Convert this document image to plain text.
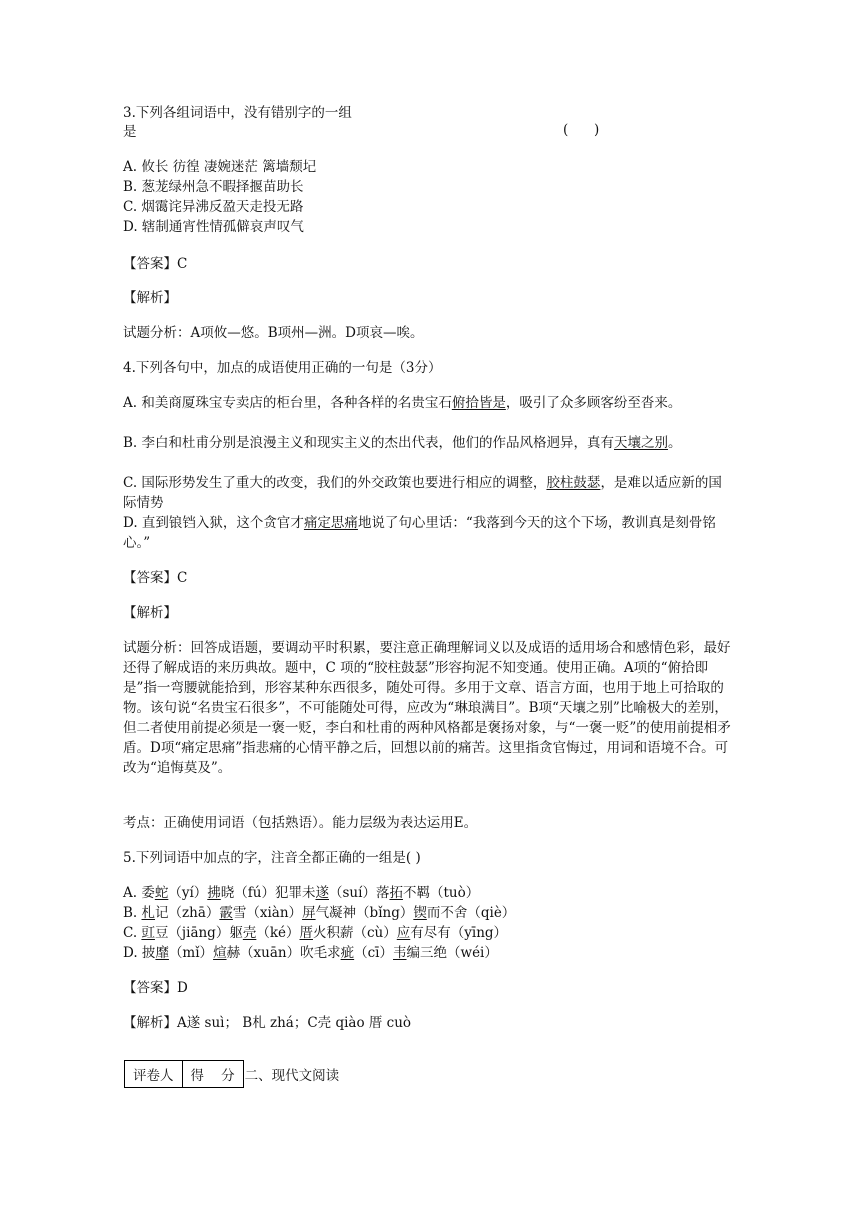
3.下列各组词语中，没有错别字的一组
是	(      )
A. 攸长 彷徨 凄婉迷茫 篱墙颓圮
B. 葱茏绿州急不暇择揠苗助长
C. 烟霭诧异沸反盈天走投无路
D. 辖制通宵性情孤僻哀声叹气
【答案】C
【解析】
试题分析：A项攸—悠。B项州—洲。D项哀—唉。
4.下列各句中，加点的成语使用正确的一句是（3分）
A. 和美商厦珠宝专卖店的柜台里，各种各样的名贵宝石俯拾皆是，吸引了众多顾客纷至沓来。
B. 李白和杜甫分别是浪漫主义和现实主义的杰出代表，他们的作品风格迥异，真有天壤之别。
C. 国际形势发生了重大的改变，我们的外交政策也要进行相应的调整，胶柱鼓瑟，是难以适应新的国际情势
D. 直到锒铛入狱，这个贪官才痛定思痛地说了句心里话：“我落到今天的这个下场，教训真是刻骨铭心。”
【答案】C
【解析】
试题分析：回答成语题，要调动平时积累，要注意正确理解词义以及成语的适用场合和感情色彩，最好还得了解成语的来历典故。题中，C 项的“胶柱鼓瑟”形容拘泥不知变通。使用正确。A项的“俯拾即是”指一弯腰就能拾到，形容某种东西很多，随处可得。多用于文章、语言方面，也用于地上可拾取的物。该句说“名贵宝石很多”，不可能随处可得，应改为“琳琅满目”。B项“天壤之别”比喻极大的差别，但二者使用前提必须是一褒一贬，李白和杜甫的两种风格都是褒扬对象，与“一褒一贬”的使用前提相矛盾。D项“痛定思痛”指悲痛的心情平静之后，回想以前的痛苦。这里指贪官悔过，用词和语境不合。可改为“追悔莫及”。
考点：正确使用词语（包括熟语）。能力层级为表达运用E。
5.下列词语中加点的字，注音全都正确的一组是( )
A. 委蛇（yí）拂晓（fú）犯罪未遂（suí）落拓不羁（tuò）
B. 札记（zhā）霰雪（xiàn）屏气凝神（bǐng）锲而不舍（qiè）
C. 豇豆（jiāng）躯壳（ké）厝火积薪（cù）应有尽有（yīng）
D. 披靡（mǐ）煊赫（xuān）吹毛求疵（cī）韦编三绝（wéi）
【答案】D
【解析】A遂 suì； B札 zhá；C壳 qiào 厝 cuò
评卷人	得    分 二、现代文阅读
